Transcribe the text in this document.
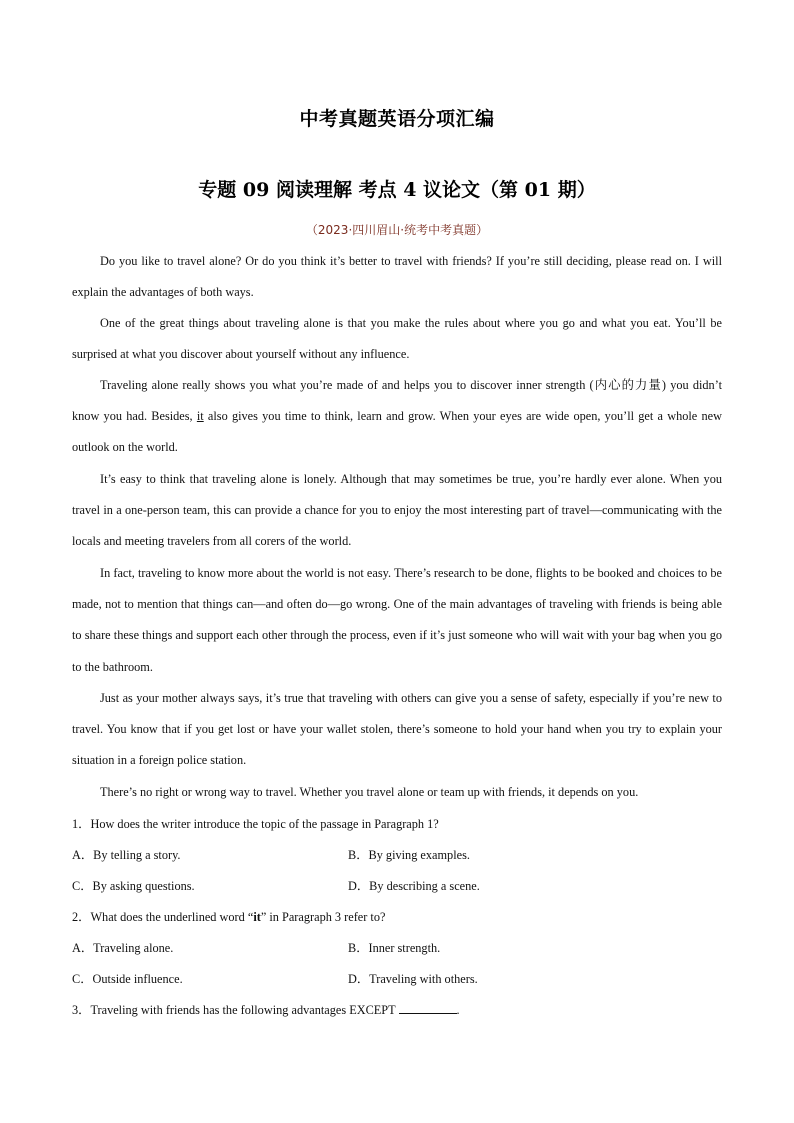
中考真题英语分项汇编
专题 09 阅读理解 考点 4 议论文（第 01 期）
（2023·四川眉山·统考中考真题）

Do you like to travel alone? Or do you think it’s better to travel with friends? If you’re still deciding, please read on. I will explain the advantages of both ways.

One of the great things about traveling alone is that you make the rules about where you go and what you eat. You’ll be surprised at what you discover about yourself without any influence.

Traveling alone really shows you what you’re made of and helps you to discover inner strength (内心的力量) you didn’t know you had. Besides, it also gives you time to think, learn and grow. When your eyes are wide open, you’ll get a whole new outlook on the world.

It’s easy to think that traveling alone is lonely. Although that may sometimes be true, you’re hardly ever alone. When you travel in a one-person team, this can provide a chance for you to enjoy the most interesting part of travel—communicating with the locals and meeting travelers from all corers of the world.

In fact, traveling to know more about the world is not easy. There’s research to be done, flights to be booked and choices to be made, not to mention that things can—and often do—go wrong. One of the main advantages of traveling with friends is being able to share these things and support each other through the process, even if it’s just someone who will wait with your bag when you go to the bathroom.

Just as your mother always says, it’s true that traveling with others can give you a sense of safety, especially if you’re new to travel. You know that if you get lost or have your wallet stolen, there’s someone to hold your hand when you try to explain your situation in a foreign police station.

There’s no right or wrong way to travel. Whether you travel alone or team up with friends, it depends on you.

1．How does the writer introduce the topic of the passage in Paragraph 1?
A．By telling a story.	B．By giving examples.
C．By asking questions.	D．By describing a scene.
2．What does the underlined word “it” in Paragraph 3 refer to?
A．Traveling alone.	B．Inner strength.
C．Outside influence.	D．Traveling with others.
3．Traveling with friends has the following advantages EXCEPT	.
